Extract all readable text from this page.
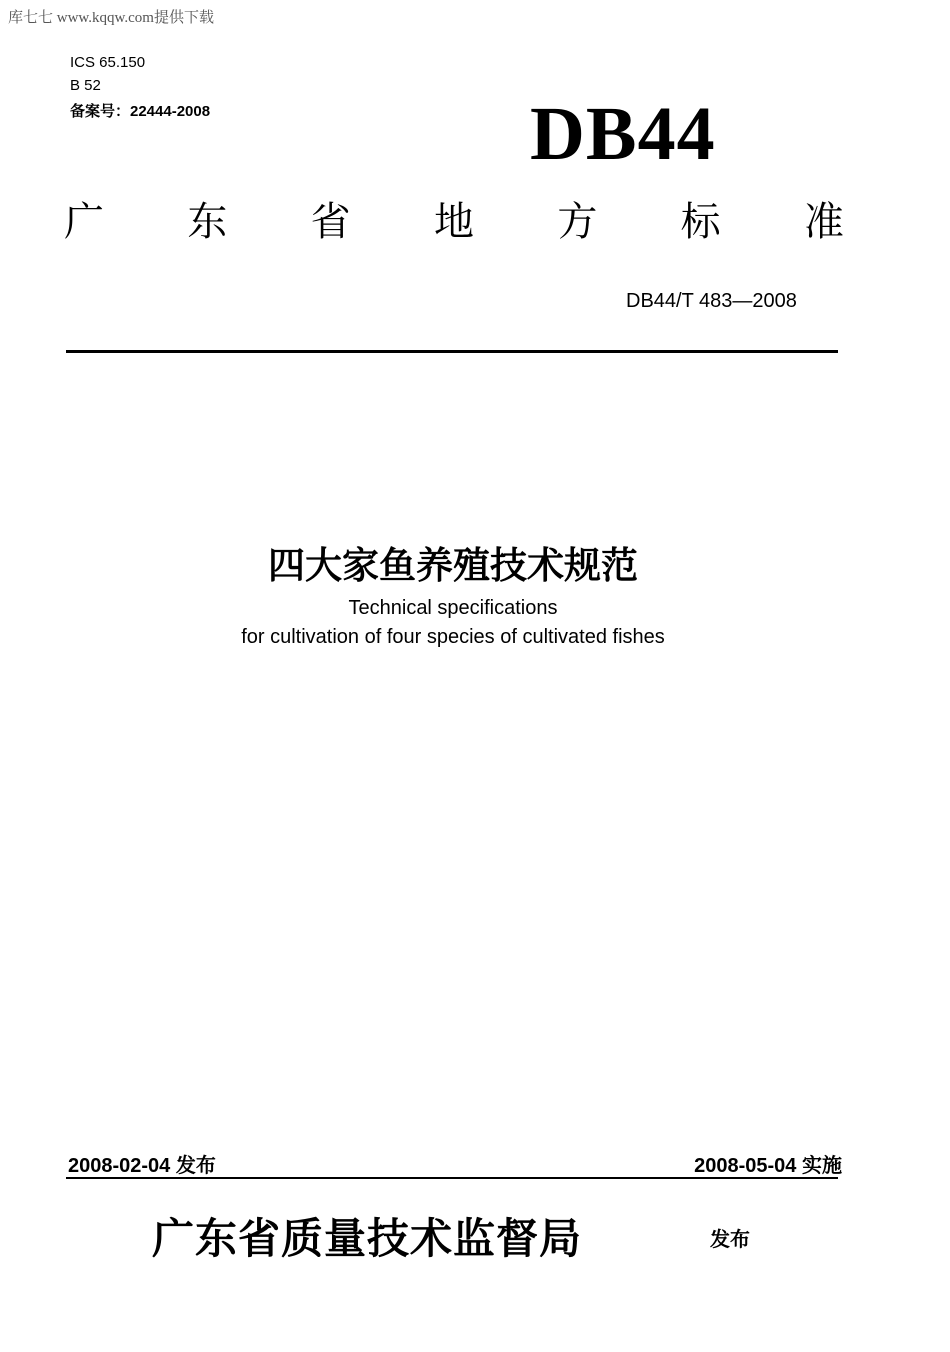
库七七 www.kqqw.com提供下载
ICS 65.150
B 52
备案号：22444-2008	DB44
广 东 省 地 方 标 准
DB44/T 483—2008
四大家鱼养殖技术规范
Technical specifications
for cultivation of four species of cultivated fishes
2008-02-04 发布	2008-05-04 实施
广东省质量技术监督局	发布
